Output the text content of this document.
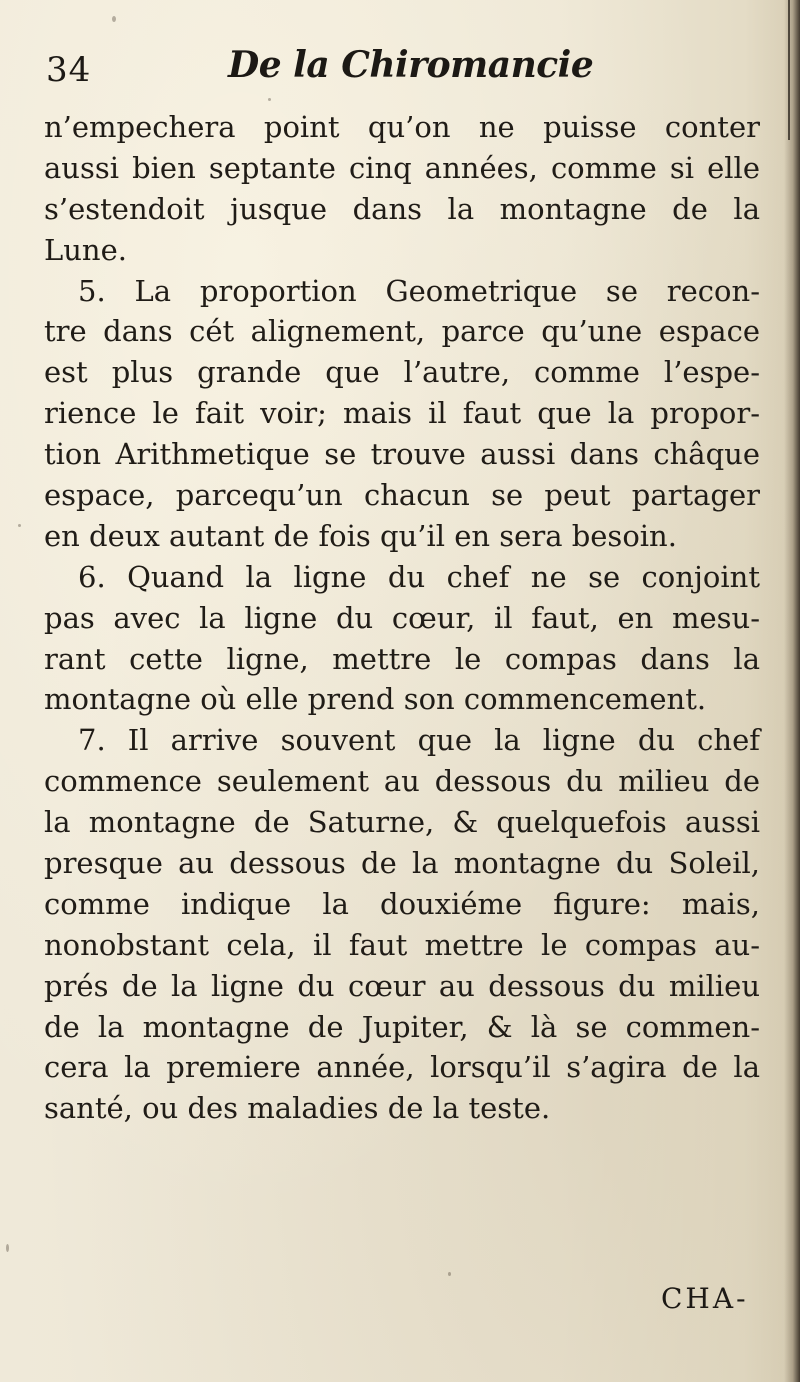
34	De la Chiromancie
n’empechera point qu’on ne puisse conter
aussi bien septante cinq années, comme si elle
s’estendoit jusque dans la montagne de la
Lune.
5. La proportion Geometrique se recon-
tre dans cét alignement, parce qu’une espace
est plus grande que l’autre, comme l’espe-
rience le fait voir; mais il faut que la propor-
tion Arithmetique se trouve aussi dans châque
espace, parcequ’un chacun se peut partager
en deux autant de fois qu’il en sera besoin.
6. Quand la ligne du chef ne se conjoint
pas avec la ligne du cœur, il faut, en mesu-
rant cette ligne, mettre le compas dans la
montagne où elle prend son commencement.
7. Il arrive souvent que la ligne du chef
commence seulement au dessous du milieu de
la montagne de Saturne, & quelquefois aussi
presque au dessous de la montagne du Soleil,
comme indique la douxiéme figure: mais,
nonobstant cela, il faut mettre le compas au-
prés de la ligne du cœur au dessous du milieu
de la montagne de Jupiter, & là se commen-
cera la premiere année, lorsqu’il s’agira de la
santé, ou des maladies de la teste.
CHA-
